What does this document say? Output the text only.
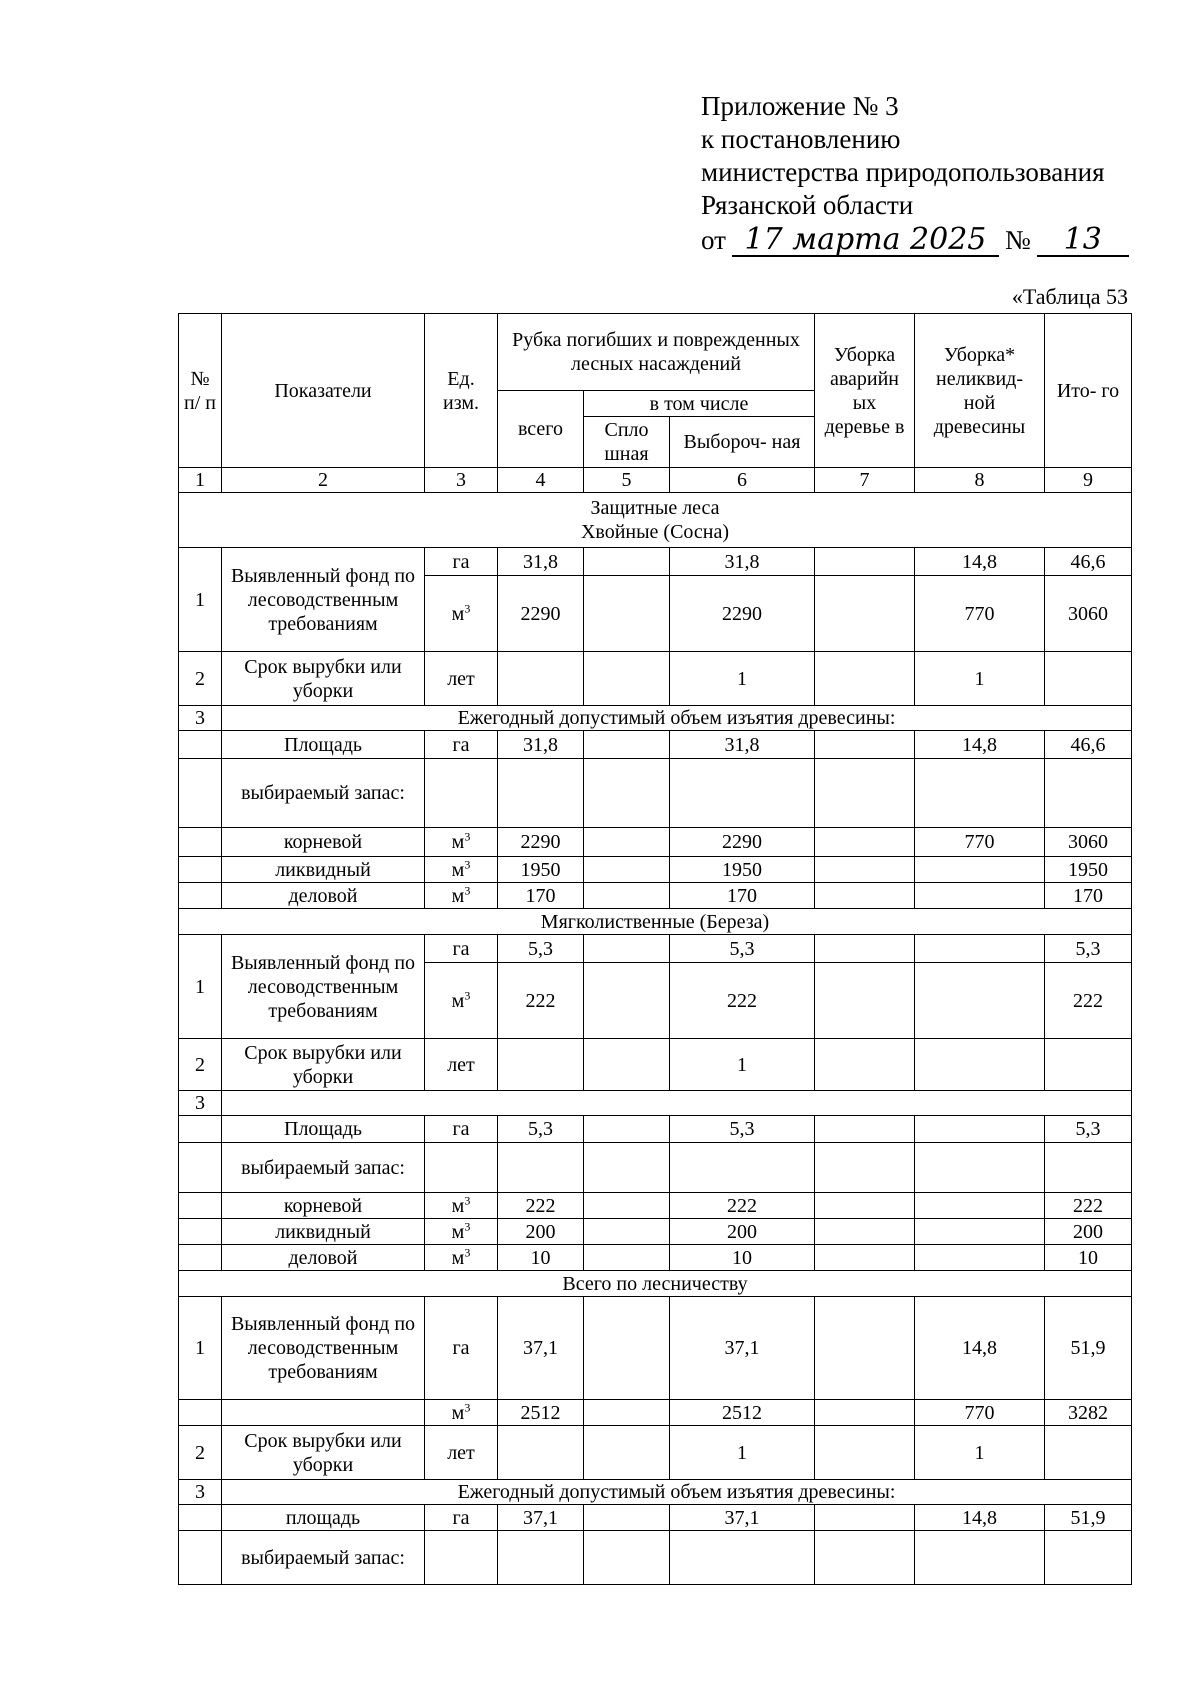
Приложение № 3
к постановлению
министерства природопользования
Рязанской области
от 17 марта 2025 №	13
«Таблица 53
№ п/ п	Показатели	Ед. изм.	Рубка погибших и поврежденных лесных насаждений			Уборка аварийн ых деревье в	Уборка* неликвид- ной древесины	Ито- го
			всего	в том числе				
				Спло шная	Выбороч- ная			
1	2	3	4	5	6	7	8	9

Защитные леса
Хвойные (Сосна)								

1	Выявленный фонд по лесоводственным требованиям	га	31,8		31,8		14,8	46,6
		$м^3$	2290		2290		770	3060
2	Срок вырубки или уборки	лет			1		1	
3	Ежегодный допустимый объем изъятия древесины:							
	Площадь	га	31,8		31,8		14,8	46,6
	выбираемый запас:							
	корневой	$м^3$	2290		2290		770	3060
	ликвидный	$м^3$	1950		1950			1950
	деловой	$м^3$	170		170			170
Мягколиственные (Береза)								
1	Выявленный фонд по лесоводственным требованиям	га	5,3		5,3			5,3
		$м^3$	222		222			222
2	Срок вырубки или уборки	лет			1			
3								
	Площадь	га	5,3		5,3			5,3
	выбираемый запас:							
	корневой	$м^3$	222		222			222
	ликвидный	$м^3$	200		200			200
	деловой	$м^3$	10		10			10
Всего по лесничеству								
1	Выявленный фонд по лесоводственным требованиям	га	37,1		37,1		14,8	51,9
		$м^3$	2512		2512		770	3282
2	Срок вырубки или уборки	лет			1		1	
3	Ежегодный допустимый объем изъятия древесины:							
	площадь	га	37,1		37,1		14,8	51,9
	выбираемый запас:							
